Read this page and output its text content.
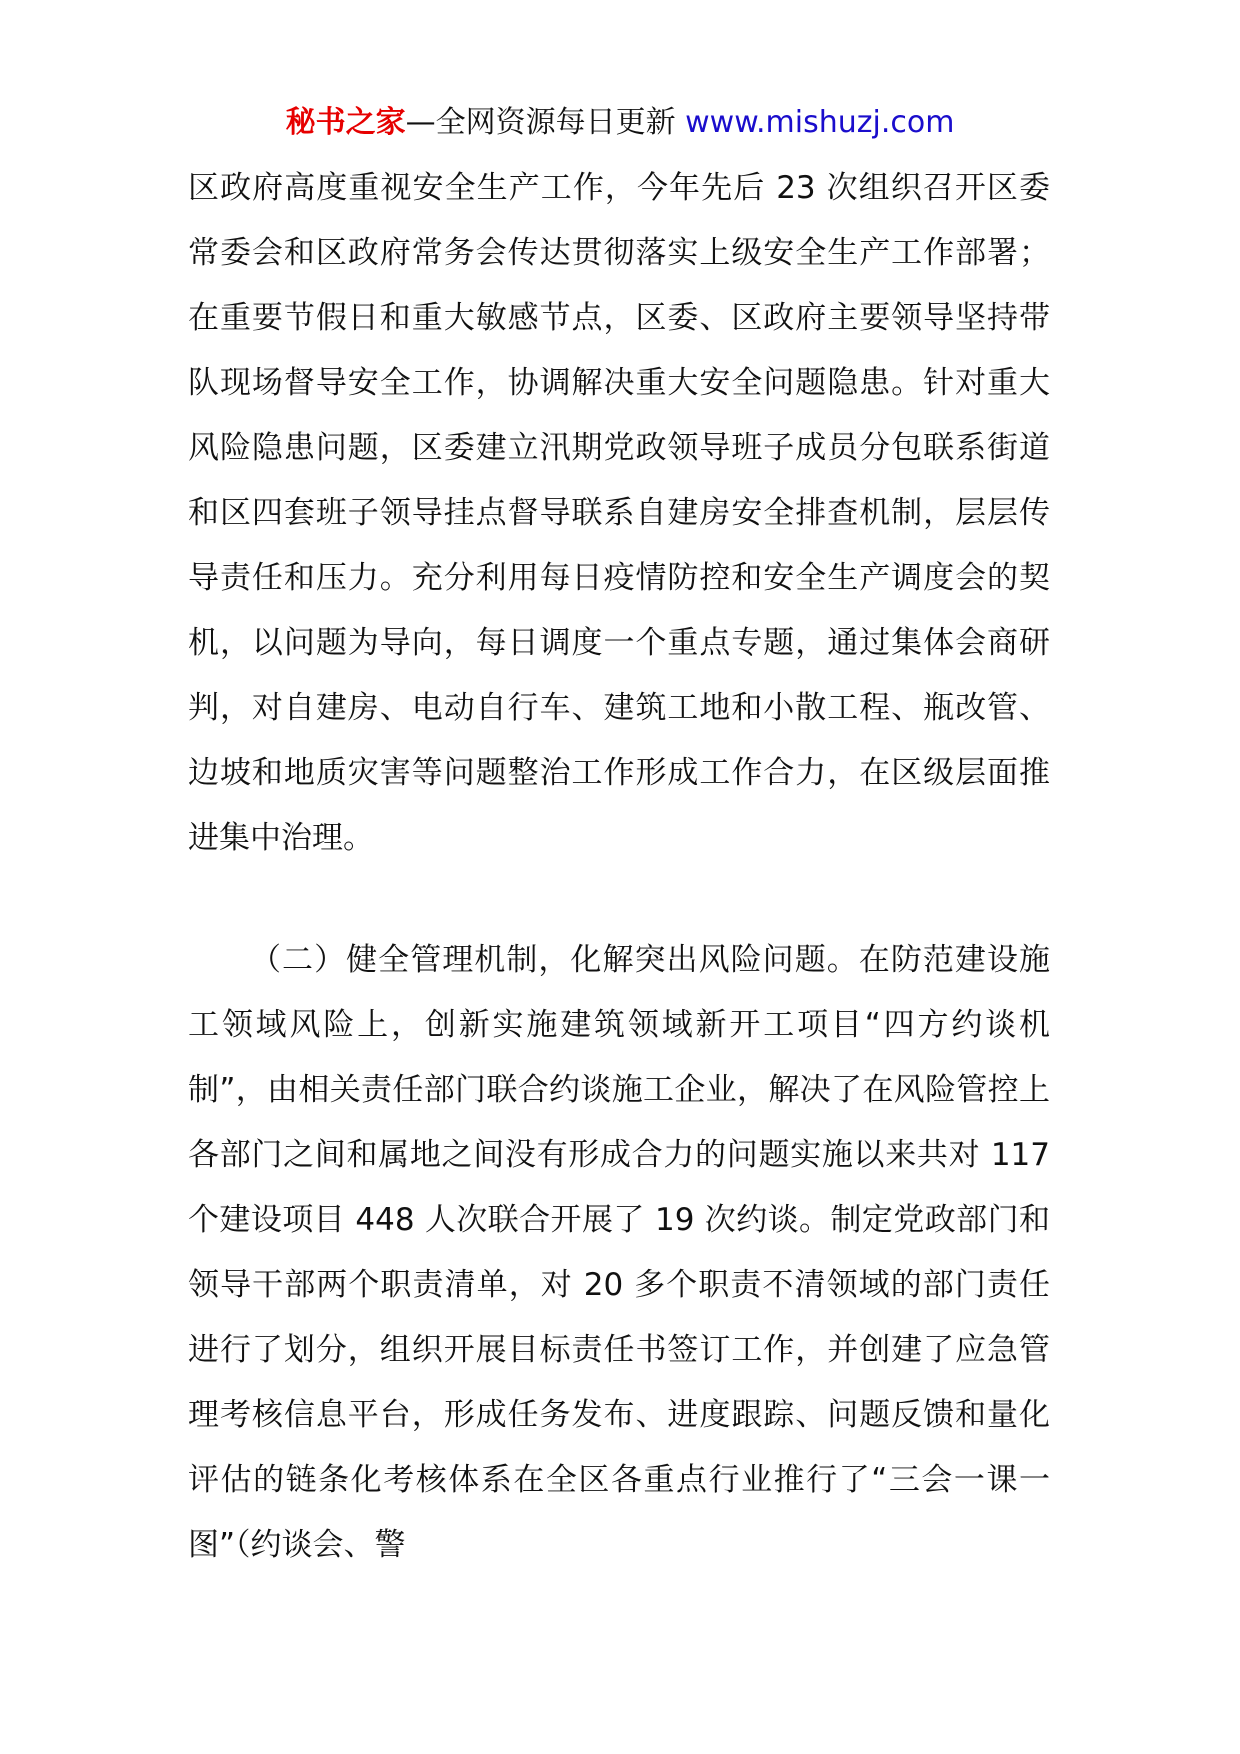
秘书之家—全网资源每日更新 www.mishuzj.com

区政府高度重视安全生产工作，今年先后 23 次组织召开区委常委会和区政府常务会传达贯彻落实上级安全生产工作部署；在重要节假日和重大敏感节点，区委、区政府主要领导坚持带队现场督导安全工作，协调解决重大安全问题隐患。针对重大风险隐患问题，区委建立汛期党政领导班子成员分包联系街道和区四套班子领导挂点督导联系自建房安全排查机制，层层传导责任和压力。充分利用每日疫情防控和安全生产调度会的契机，以问题为导向，每日调度一个重点专题，通过集体会商研判，对自建房、电动自行车、建筑工地和小散工程、瓶改管、边坡和地质灾害等问题整治工作形成工作合力，在区级层面推进集中治理。

（二）健全管理机制，化解突出风险问题。在防范建设施工领域风险上，创新实施建筑领域新开工项目“四方约谈机制”，由相关责任部门联合约谈施工企业，解决了在风险管控上各部门之间和属地之间没有形成合力的问题实施以来共对 117 个建设项目 448 人次联合开展了 19 次约谈。制定党政部门和领导干部两个职责清单，对 20 多个职责不清领域的部门责任进行了划分，组织开展目标责任书签订工作，并创建了应急管理考核信息平台，形成任务发布、进度跟踪、问题反馈和量化评估的链条化考核体系在全区各重点行业推行了“三会一课一图”（约谈会、警
